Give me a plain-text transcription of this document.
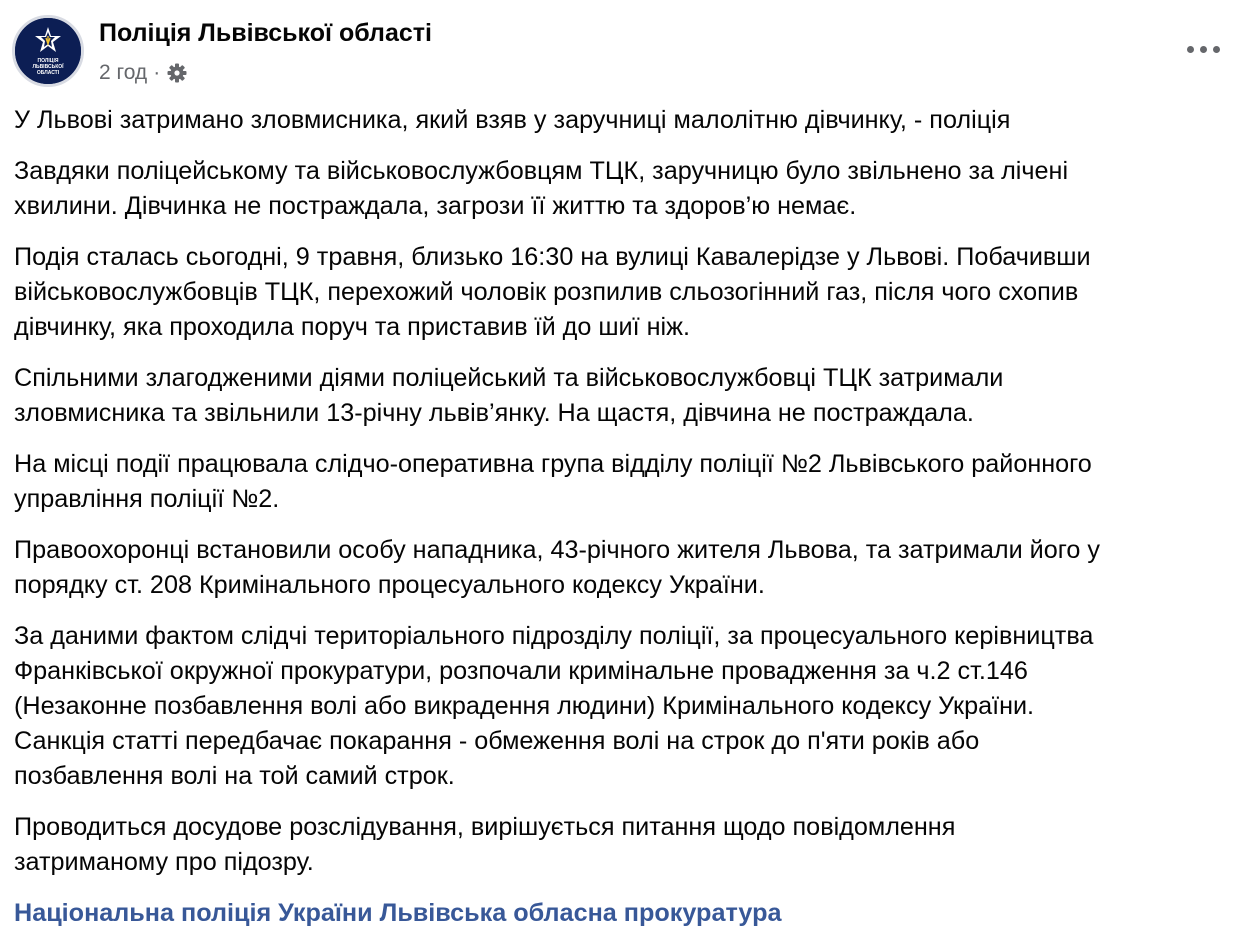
ПОЛІЦІЯ
ЛЬВІВСЬКОЇ
ОБЛАСТІ
Поліція Львівської області
2 год ·

У Львові затримано зловмисника, який взяв у заручниці малолітню дівчинку, - поліція

Завдяки поліцейському та військовослужбовцям ТЦК, заручницю було звільнено за лічені
хвилини. Дівчинка не постраждала, загрози її життю та здоров’ю немає.

Подія сталась сьогодні, 9 травня, близько 16:30 на вулиці Кавалерідзе у Львові. Побачивши
військовослужбовців ТЦК, перехожий чоловік розпилив сльозогінний газ, після чого схопив
дівчинку, яка проходила поруч та приставив їй до шиї ніж.

Спільними злагодженими діями поліцейський та військовослужбовці ТЦК затримали
зловмисника та звільнили 13-річну львів’янку. На щастя, дівчина не постраждала.

На місці події працювала слідчо-оперативна група відділу поліції №2 Львівського районного
управління поліції №2.

Правоохоронці встановили особу нападника, 43-річного жителя Львова, та затримали його у
порядку ст. 208 Кримінального процесуального кодексу України.

За даними фактом слідчі територіального підрозділу поліції, за процесуального керівництва
Франківської окружної прокуратури, розпочали кримінальне провадження за ч.2 ст.146
(Незаконне позбавлення волі або викрадення людини) Кримінального кодексу України.
Санкція статті передбачає покарання - обмеження волі на строк до п'яти років або
позбавлення волі на той самий строк.

Проводиться досудове розслідування, вирішується питання щодо повідомлення
затриманому про підозру.

Національна поліція України Львівська обласна прокуратура
